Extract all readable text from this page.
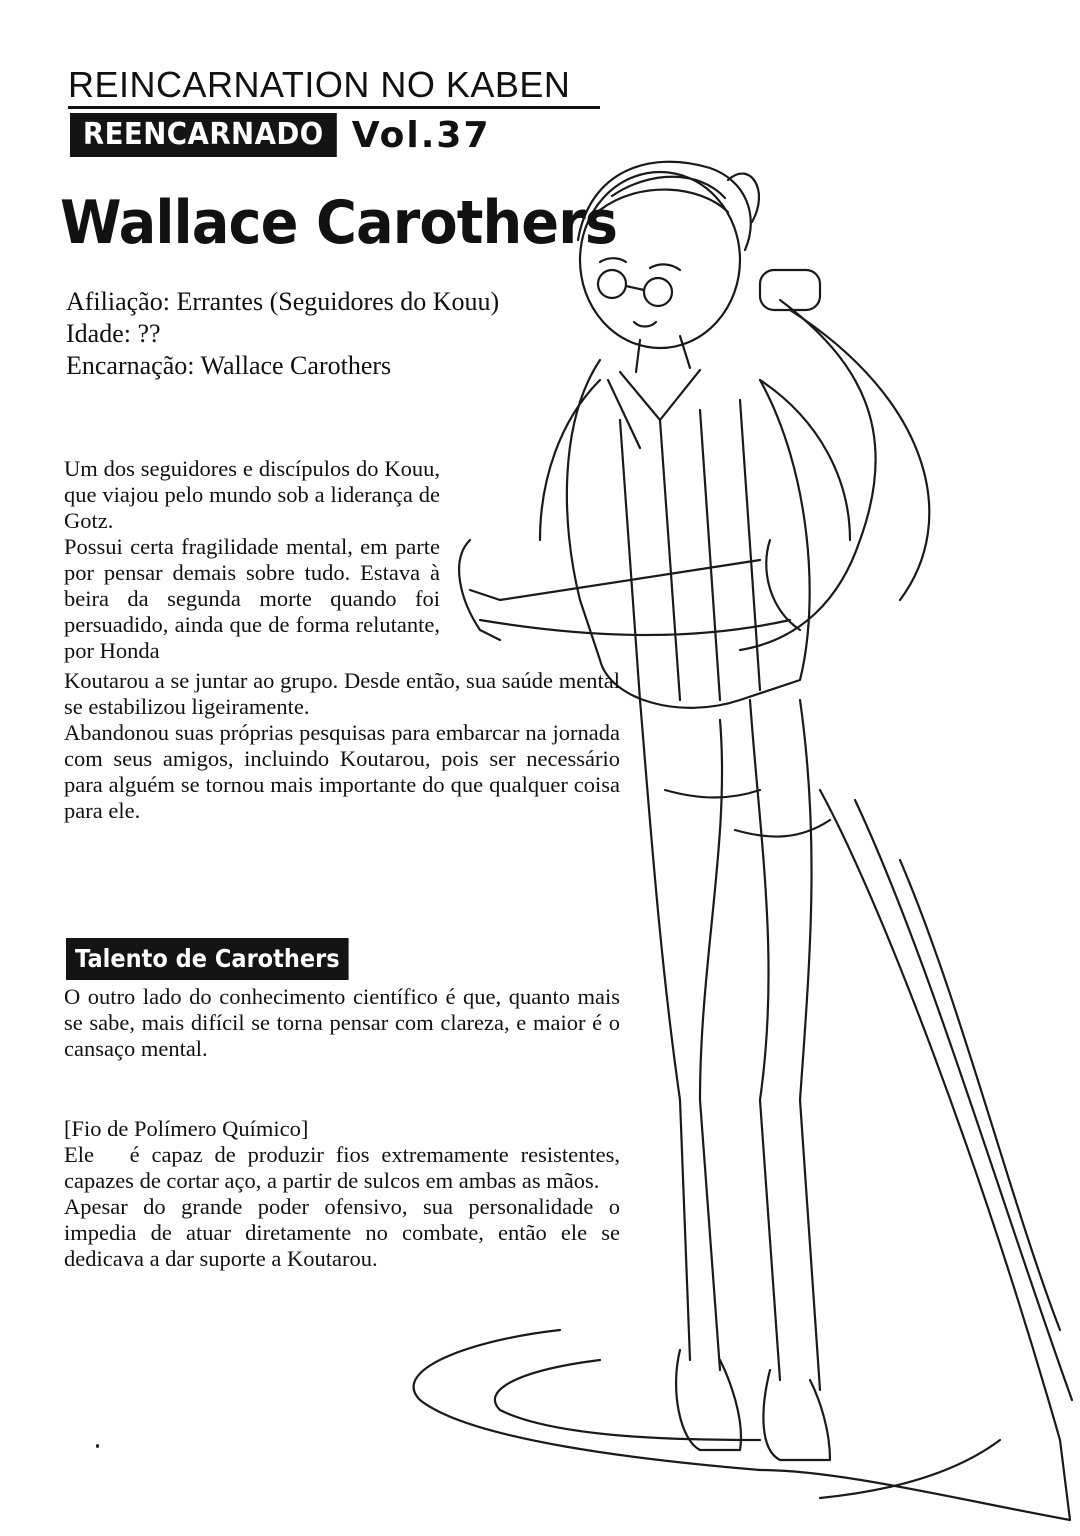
REINCARNATION NO KABEN
REENCARNADO Vol.37
Wallace Carothers
Afiliação: Errantes (Seguidores do Kouu)
Idade: ??
Encarnação: Wallace Carothers

Um dos seguidores e discípulos do Kouu, que viajou pelo mundo sob a liderança de Gotz.

Possui certa fragilidade mental, em parte por pensar demais sobre tudo. Estava à beira da segunda morte quando foi persuadido, ainda que de forma relutante, por Honda

Koutarou a se juntar ao grupo. Desde então, sua saúde mental se estabilizou ligeiramente.

Abandonou suas próprias pesquisas para embarcar na jornada com seus amigos, incluindo Koutarou, pois ser necessário para alguém se tornou mais importante do que qualquer coisa para ele.

Talento de Carothers

O outro lado do conhecimento científico é que, quanto mais se sabe, mais difícil se torna pensar com clareza, e maior é o cansaço mental.

[Fio de Polímero Químico]

Ele   é capaz de produzir fios extremamente resistentes, capazes de cortar aço, a partir de sulcos em ambas as mãos.

Apesar do grande poder ofensivo, sua personalidade o impedia de atuar diretamente no combate, então ele se dedicava a dar suporte a Koutarou.
